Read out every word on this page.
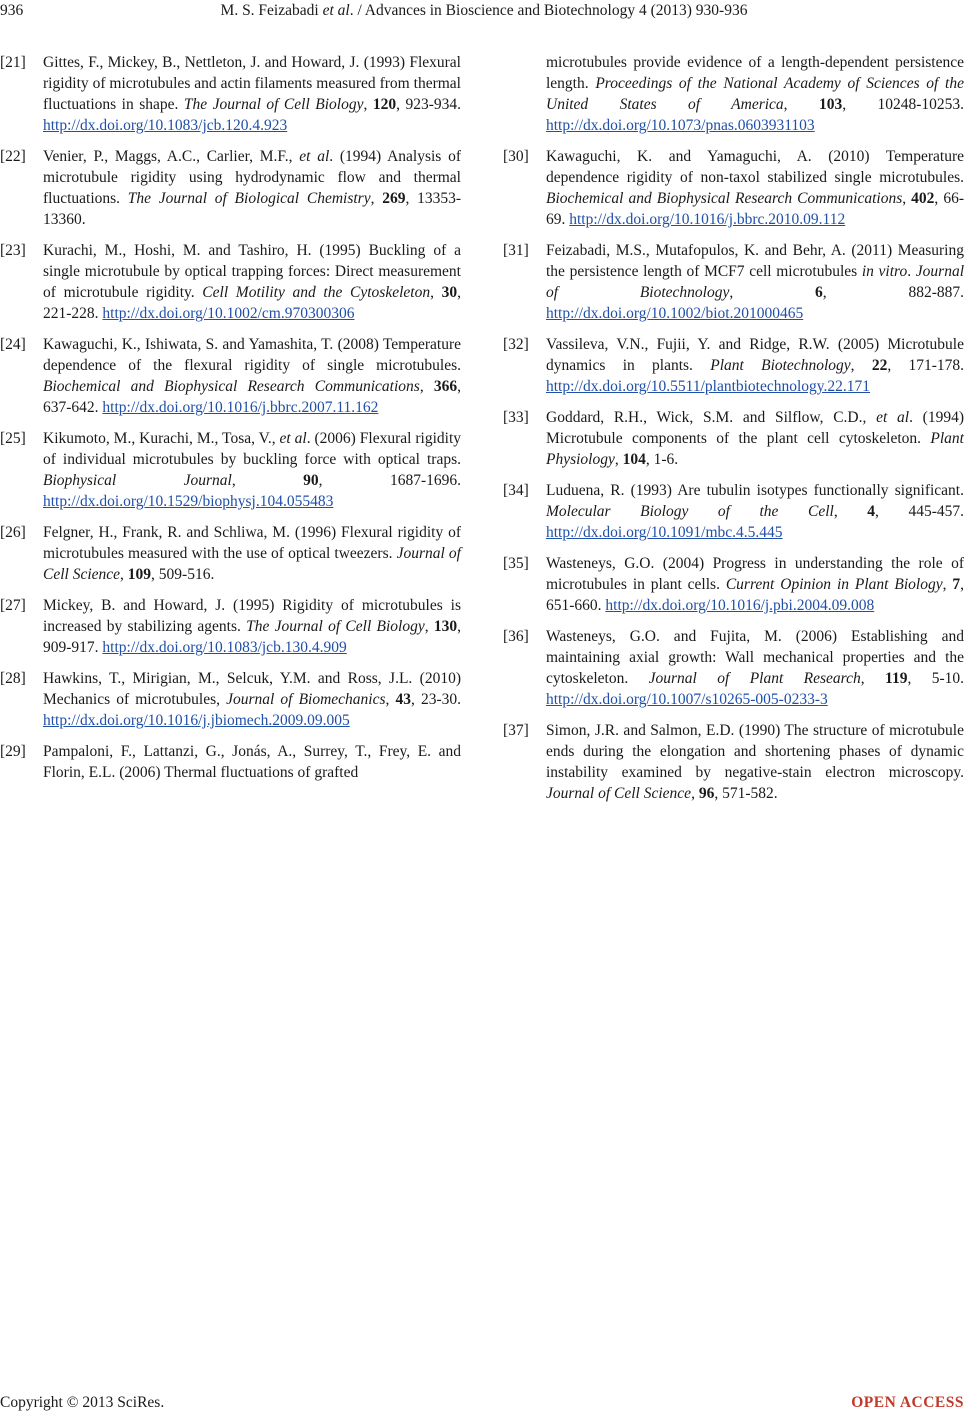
936	M. S. Feizabadi et al. / Advances in Bioscience and Biotechnology 4 (2013) 930-936
[21] Gittes, F., Mickey, B., Nettleton, J. and Howard, J. (1993) Flexural rigidity of microtubules and actin filaments measured from thermal fluctuations in shape. The Journal of Cell Biology, 120, 923-934. http://dx.doi.org/10.1083/jcb.120.4.923
[22] Venier, P., Maggs, A.C., Carlier, M.F., et al. (1994) Analysis of microtubule rigidity using hydrodynamic flow and thermal fluctuations. The Journal of Biological Chemistry, 269, 13353-13360.
[23] Kurachi, M., Hoshi, M. and Tashiro, H. (1995) Buckling of a single microtubule by optical trapping forces: Direct measurement of microtubule rigidity. Cell Motility and the Cytoskeleton, 30, 221-228. http://dx.doi.org/10.1002/cm.970300306
[24] Kawaguchi, K., Ishiwata, S. and Yamashita, T. (2008) Temperature dependence of the flexural rigidity of single microtubules. Biochemical and Biophysical Research Communications, 366, 637-642. http://dx.doi.org/10.1016/j.bbrc.2007.11.162
[25] Kikumoto, M., Kurachi, M., Tosa, V., et al. (2006) Flexural rigidity of individual microtubules by buckling force with optical traps. Biophysical Journal, 90, 1687-1696. http://dx.doi.org/10.1529/biophysj.104.055483
[26] Felgner, H., Frank, R. and Schliwa, M. (1996) Flexural rigidity of microtubules measured with the use of optical tweezers. Journal of Cell Science, 109, 509-516.
[27] Mickey, B. and Howard, J. (1995) Rigidity of microtubules is increased by stabilizing agents. The Journal of Cell Biology, 130, 909-917. http://dx.doi.org/10.1083/jcb.130.4.909
[28] Hawkins, T., Mirigian, M., Selcuk, Y.M. and Ross, J.L. (2010) Mechanics of microtubules, Journal of Biomechanics, 43, 23-30. http://dx.doi.org/10.1016/j.jbiomech.2009.09.005
[29] Pampaloni, F., Lattanzi, G., Jonás, A., Surrey, T., Frey, E. and Florin, E.L. (2006) Thermal fluctuations of grafted
microtubules provide evidence of a length-dependent persistence length. Proceedings of the National Academy of Sciences of the United States of America, 103, 10248-10253. http://dx.doi.org/10.1073/pnas.0603931103
[30] Kawaguchi, K. and Yamaguchi, A. (2010) Temperature dependence rigidity of non-taxol stabilized single microtubules. Biochemical and Biophysical Research Communications, 402, 66-69. http://dx.doi.org/10.1016/j.bbrc.2010.09.112
[31] Feizabadi, M.S., Mutafopulos, K. and Behr, A. (2011) Measuring the persistence length of MCF7 cell microtubules in vitro. Journal of Biotechnology, 6, 882-887. http://dx.doi.org/10.1002/biot.201000465
[32] Vassileva, V.N., Fujii, Y. and Ridge, R.W. (2005) Microtubule dynamics in plants. Plant Biotechnology, 22, 171-178. http://dx.doi.org/10.5511/plantbiotechnology.22.171
[33] Goddard, R.H., Wick, S.M. and Silflow, C.D., et al. (1994) Microtubule components of the plant cell cytoskeleton. Plant Physiology, 104, 1-6.
[34] Luduena, R. (1993) Are tubulin isotypes functionally significant. Molecular Biology of the Cell, 4, 445-457. http://dx.doi.org/10.1091/mbc.4.5.445
[35] Wasteneys, G.O. (2004) Progress in understanding the role of microtubules in plant cells. Current Opinion in Plant Biology, 7, 651-660. http://dx.doi.org/10.1016/j.pbi.2004.09.008
[36] Wasteneys, G.O. and Fujita, M. (2006) Establishing and maintaining axial growth: Wall mechanical properties and the cytoskeleton. Journal of Plant Research, 119, 5-10. http://dx.doi.org/10.1007/s10265-005-0233-3
[37] Simon, J.R. and Salmon, E.D. (1990) The structure of microtubule ends during the elongation and shortening phases of dynamic instability examined by negative-stain electron microscopy. Journal of Cell Science, 96, 571-582.
Copyright © 2013 SciRes.	OPEN ACCESS
